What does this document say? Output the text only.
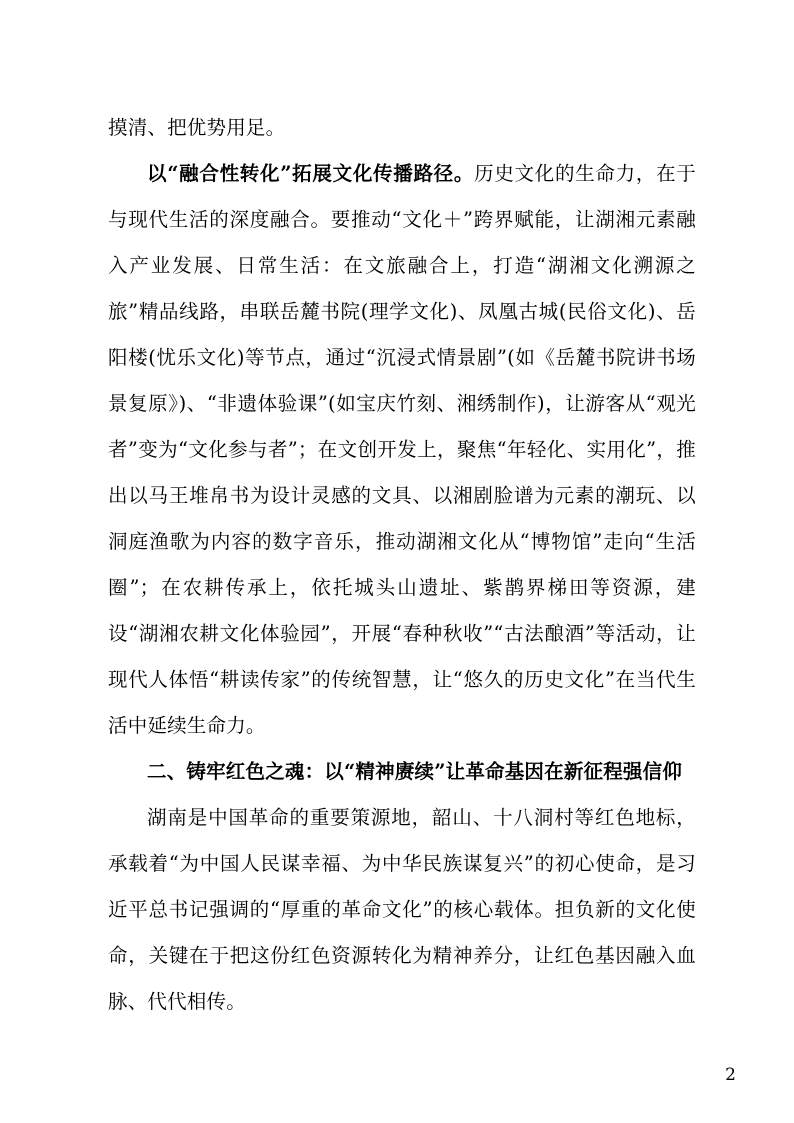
摸清、把优势用足。

以“融合性转化”拓展文化传播路径。历史文化的生命力，在于与现代生活的深度融合。要推动“文化＋”跨界赋能，让湖湘元素融入产业发展、日常生活：在文旅融合上，打造“湖湘文化溯源之旅”精品线路，串联岳麓书院(理学文化)、凤凰古城(民俗文化)、岳阳楼(忧乐文化)等节点，通过“沉浸式情景剧”(如《岳麓书院讲书场景复原》)、“非遗体验课”(如宝庆竹刻、湘绣制作)，让游客从“观光者”变为“文化参与者”；在文创开发上，聚焦“年轻化、实用化”，推出以马王堆帛书为设计灵感的文具、以湘剧脸谱为元素的潮玩、以洞庭渔歌为内容的数字音乐，推动湖湘文化从“博物馆”走向“生活圈”；在农耕传承上，依托城头山遗址、紫鹊界梯田等资源，建设“湖湘农耕文化体验园”，开展“春种秋收”“古法酿酒”等活动，让现代人体悟“耕读传家”的传统智慧，让“悠久的历史文化”在当代生活中延续生命力。

二、铸牢红色之魂：以“精神赓续”让革命基因在新征程强信仰

湖南是中国革命的重要策源地，韶山、十八洞村等红色地标，承载着“为中国人民谋幸福、为中华民族谋复兴”的初心使命，是习近平总书记强调的“厚重的革命文化”的核心载体。担负新的文化使命，关键在于把这份红色资源转化为精神养分，让红色基因融入血脉、代代相传。

2
